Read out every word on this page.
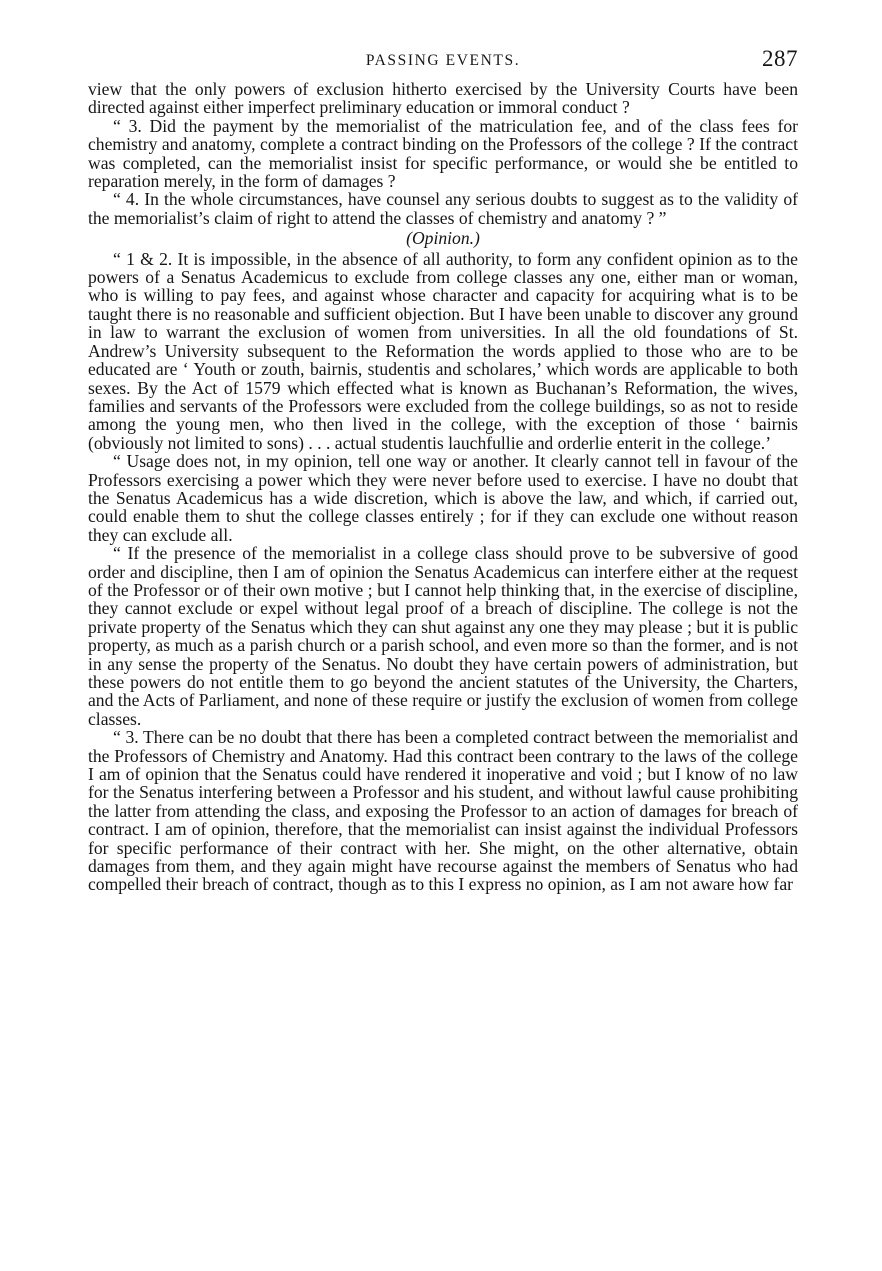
PASSING EVENTS.	287

view that the only powers of exclusion hitherto exercised by the University Courts have been directed against either imperfect preliminary education or immoral conduct ?

“ 3. Did the payment by the memorialist of the matriculation fee, and of the class fees for chemistry and anatomy, complete a contract binding on the Professors of the college ? If the contract was completed, can the memorialist insist for specific performance, or would she be entitled to reparation merely, in the form of damages ?

“ 4. In the whole circumstances, have counsel any serious doubts to suggest as to the validity of the memorialist’s claim of right to attend the classes of chemistry and anatomy ? ”

(Opinion.)

“ 1 & 2. It is impossible, in the absence of all authority, to form any confident opinion as to the powers of a Senatus Academicus to exclude from college classes any one, either man or woman, who is willing to pay fees, and against whose character and capacity for acquiring what is to be taught there is no reasonable and sufficient objection. But I have been unable to discover any ground in law to warrant the exclusion of women from universities. In all the old foundations of St. Andrew’s University subsequent to the Reformation the words applied to those who are to be educated are ‘ Youth or zouth, bairnis, studentis and scholares,’ which words are applicable to both sexes. By the Act of 1579 which effected what is known as Buchanan’s Reformation, the wives, families and servants of the Professors were excluded from the college buildings, so as not to reside among the young men, who then lived in the college, with the exception of those ‘ bairnis (obviously not limited to sons) . . . actual studentis lauchfullie and orderlie enterit in the college.’

“ Usage does not, in my opinion, tell one way or another. It clearly cannot tell in favour of the Professors exercising a power which they were never before used to exercise. I have no doubt that the Senatus Academicus has a wide discretion, which is above the law, and which, if carried out, could enable them to shut the college classes entirely ; for if they can exclude one without reason they can exclude all.

“ If the presence of the memorialist in a college class should prove to be subversive of good order and discipline, then I am of opinion the Senatus Academicus can interfere either at the request of the Professor or of their own motive ; but I cannot help thinking that, in the exercise of discipline, they cannot exclude or expel without legal proof of a breach of discipline. The college is not the private property of the Senatus which they can shut against any one they may please ; but it is public property, as much as a parish church or a parish school, and even more so than the former, and is not in any sense the property of the Senatus. No doubt they have certain powers of administration, but these powers do not entitle them to go beyond the ancient statutes of the University, the Charters, and the Acts of Parliament, and none of these require or justify the exclusion of women from college classes.

“ 3. There can be no doubt that there has been a completed contract between the memorialist and the Professors of Chemistry and Anatomy. Had this contract been contrary to the laws of the college I am of opinion that the Senatus could have rendered it inoperative and void ; but I know of no law for the Senatus interfering between a Professor and his student, and without lawful cause prohibiting the latter from attending the class, and exposing the Professor to an action of damages for breach of contract. I am of opinion, therefore, that the memorialist can insist against the individual Professors for specific performance of their contract with her. She might, on the other alternative, obtain damages from them, and they again might have recourse against the members of Senatus who had compelled their breach of contract, though as to this I express no opinion, as I am not aware how far
